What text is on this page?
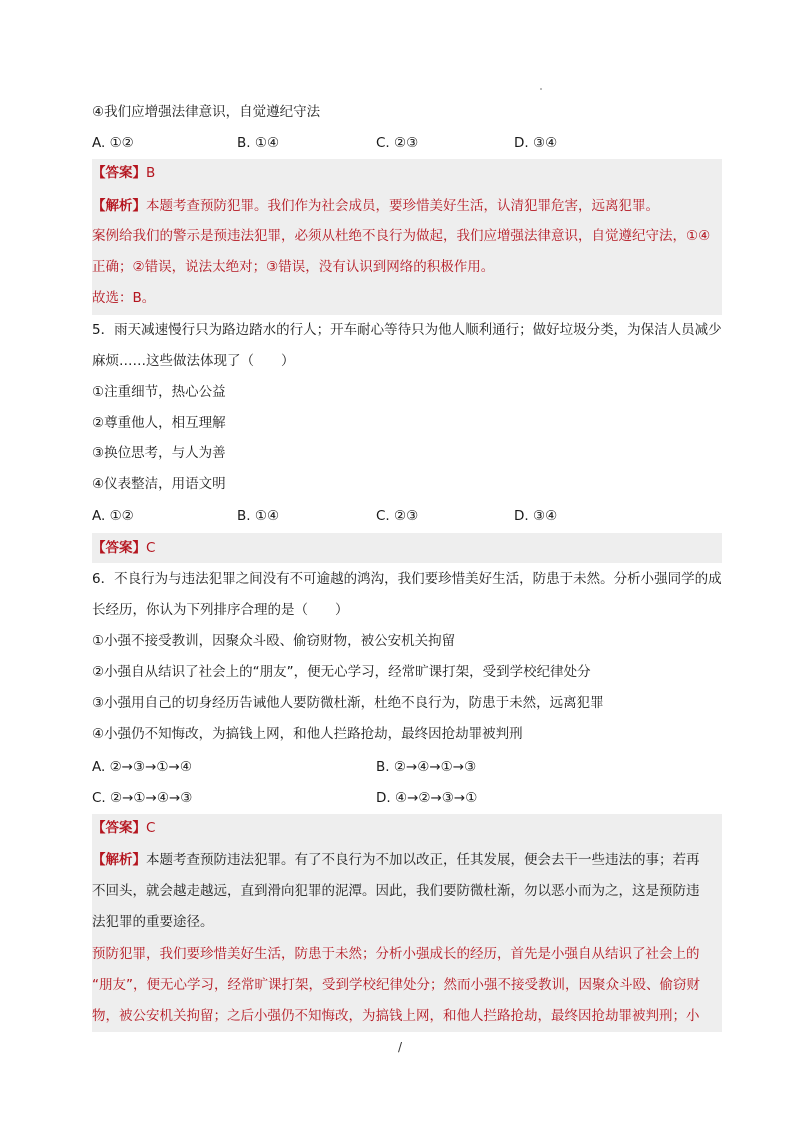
④我们应增强法律意识，自觉遵纪守法
A. ①②	B. ①④	C. ②③	D. ③④
【答案】B
【解析】本题考查预防犯罪。我们作为社会成员，要珍惜美好生活，认清犯罪危害，远离犯罪。
案例给我们的警示是预违法犯罪，必须从杜绝不良行为做起，我们应增强法律意识，自觉遵纪守法，①④
正确；②错误，说法太绝对；③错误，没有认识到网络的积极作用。
故选：B。
5．雨天减速慢行只为路边踏水的行人；开车耐心等待只为他人顺利通行；做好垃圾分类，为保洁人员减少
麻烦……这些做法体现了（　　）
①注重细节，热心公益
②尊重他人，相互理解
③换位思考，与人为善
④仪表整洁，用语文明
A. ①②	B. ①④	C. ②③	D. ③④
【答案】C
6．不良行为与违法犯罪之间没有不可逾越的鸿沟，我们要珍惜美好生活，防患于未然。分析小强同学的成
长经历，你认为下列排序合理的是（　　）
①小强不接受教训，因聚众斗殴、偷窃财物，被公安机关拘留
②小强自从结识了社会上的“朋友”，便无心学习，经常旷课打架，受到学校纪律处分
③小强用自己的切身经历告诫他人要防微杜渐，杜绝不良行为，防患于未然，远离犯罪
④小强仍不知悔改，为搞钱上网，和他人拦路抢劫，最终因抢劫罪被判刑
A. ②→③→①→④	B. ②→④→①→③
C. ②→①→④→③	D. ④→②→③→①
【答案】C
【解析】本题考查预防违法犯罪。有了不良行为不加以改正，任其发展，便会去干一些违法的事；若再
不回头，就会越走越远，直到滑向犯罪的泥潭。因此，我们要防微杜渐，勿以恶小而为之，这是预防违
法犯罪的重要途径。
预防犯罪，我们要珍惜美好生活，防患于未然；分析小强成长的经历，首先是小强自从结识了社会上的
“朋友”，便无心学习，经常旷课打架，受到学校纪律处分；然而小强不接受教训，因聚众斗殴、偷窃财
物，被公安机关拘留；之后小强仍不知悔改，为搞钱上网，和他人拦路抢劫，最终因抢劫罪被判刑；小
/
